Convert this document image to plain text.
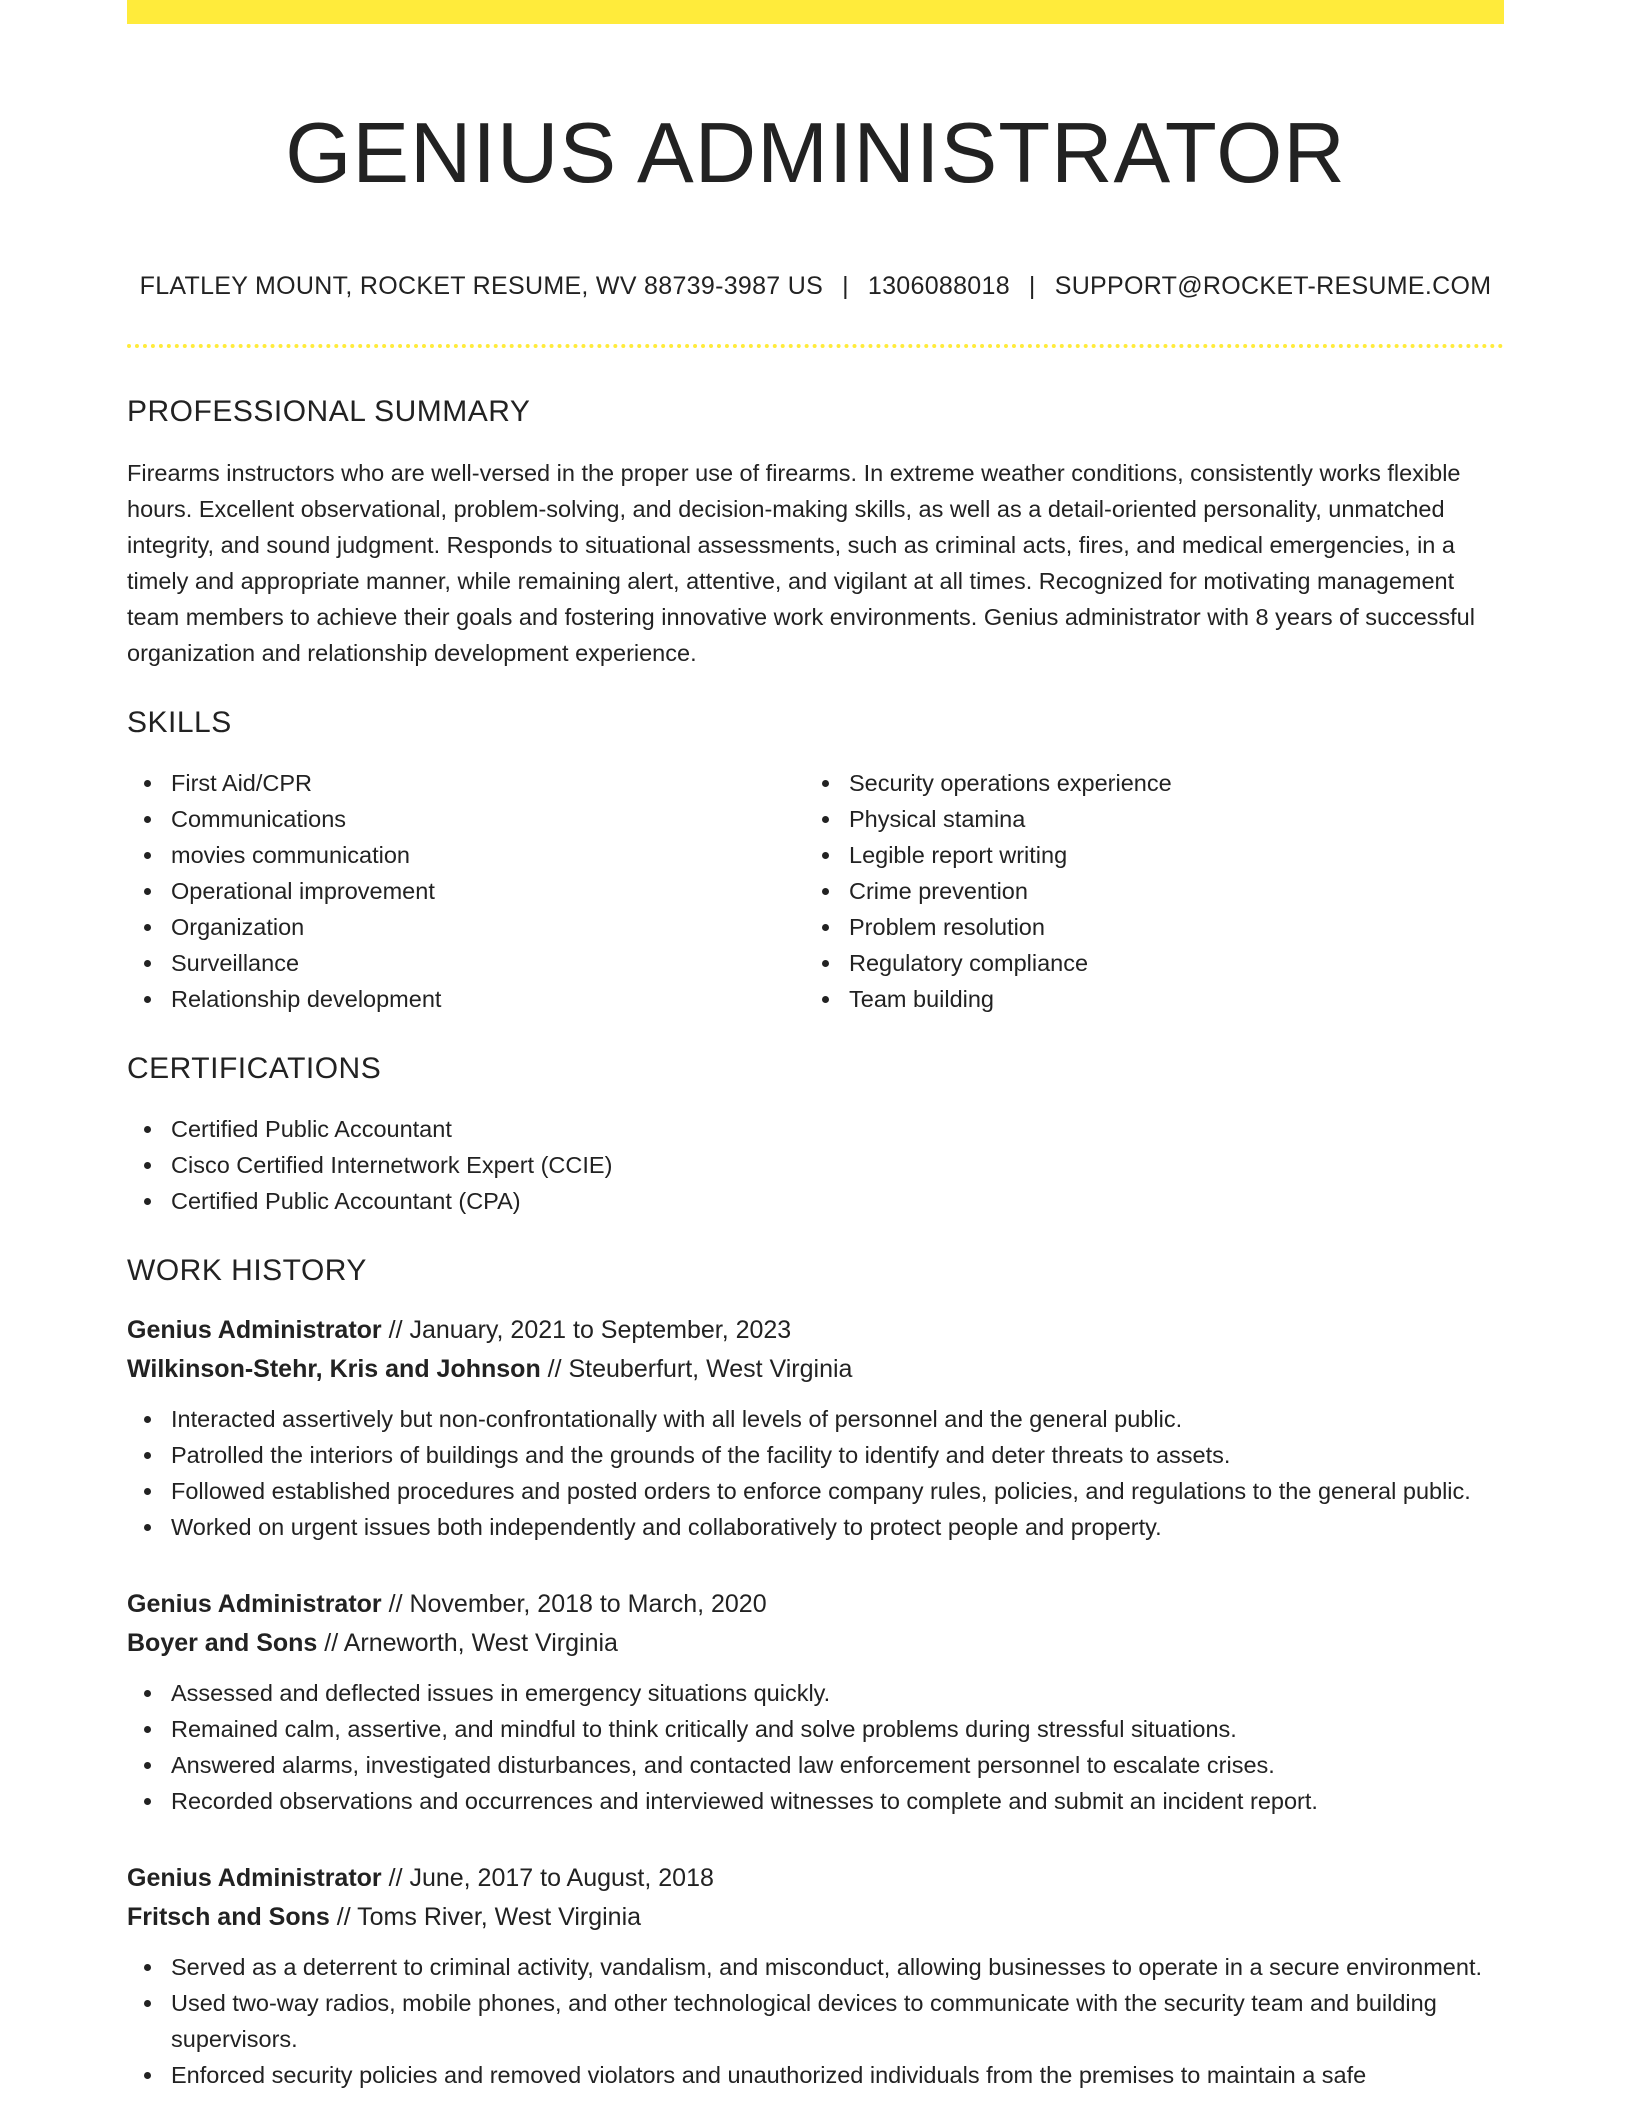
GENIUS ADMINISTRATOR
FLATLEY MOUNT, ROCKET RESUME, WV 88739-3987 US | 1306088018 | SUPPORT@ROCKET-RESUME.COM
PROFESSIONAL SUMMARY

Firearms instructors who are well-versed in the proper use of firearms. In extreme weather conditions, consistently works flexible hours. Excellent observational, problem-solving, and decision-making skills, as well as a detail-oriented personality, unmatched integrity, and sound judgment. Responds to situational assessments, such as criminal acts, fires, and medical emergencies, in a timely and appropriate manner, while remaining alert, attentive, and vigilant at all times. Recognized for motivating management team members to achieve their goals and fostering innovative work environments. Genius administrator with 8 years of successful organization and relationship development experience.

SKILLS
First Aid/CPR
Communications
movies communication
Operational improvement
Organization
Surveillance
Relationship development
Security operations experience
Physical stamina
Legible report writing
Crime prevention
Problem resolution
Regulatory compliance
Team building
CERTIFICATIONS
Certified Public Accountant
Cisco Certified Internetwork Expert (CCIE)
Certified Public Accountant (CPA)
WORK HISTORY
Genius Administrator // January, 2021 to September, 2023
Wilkinson-Stehr, Kris and Johnson // Steuberfurt, West Virginia
Interacted assertively but non-confrontationally with all levels of personnel and the general public.
Patrolled the interiors of buildings and the grounds of the facility to identify and deter threats to assets.
Followed established procedures and posted orders to enforce company rules, policies, and regulations to the general public.
Worked on urgent issues both independently and collaboratively to protect people and property.
Genius Administrator // November, 2018 to March, 2020
Boyer and Sons // Arneworth, West Virginia
Assessed and deflected issues in emergency situations quickly.
Remained calm, assertive, and mindful to think critically and solve problems during stressful situations.
Answered alarms, investigated disturbances, and contacted law enforcement personnel to escalate crises.
Recorded observations and occurrences and interviewed witnesses to complete and submit an incident report.
Genius Administrator // June, 2017 to August, 2018
Fritsch and Sons // Toms River, West Virginia
Served as a deterrent to criminal activity, vandalism, and misconduct, allowing businesses to operate in a secure environment.
Used two-way radios, mobile phones, and other technological devices to communicate with the security team and building supervisors.
Enforced security policies and removed violators and unauthorized individuals from the premises to maintain a safe
